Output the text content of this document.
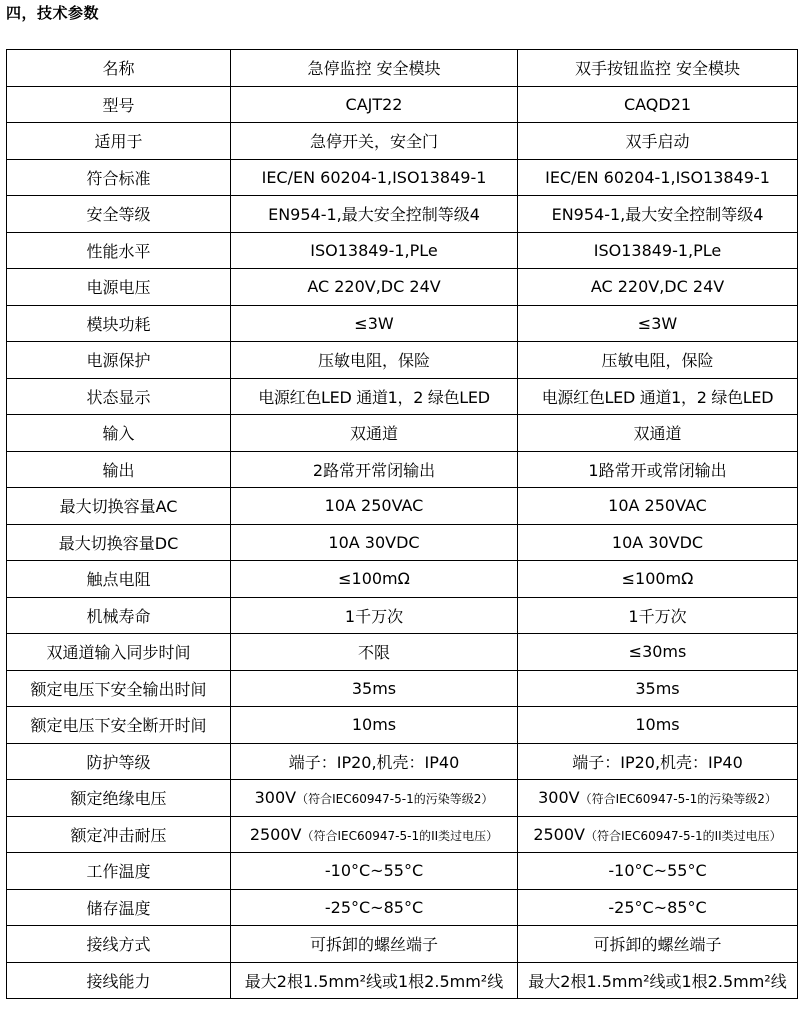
四，技术参数
名称	急停监控 安全模块	双手按钮监控 安全模块
型号	CAJT22	CAQD21
适用于	急停开关，安全门	双手启动
符合标准	IEC/EN 60204-1,ISO13849-1	IEC/EN 60204-1,ISO13849-1
安全等级	EN954-1,最大安全控制等级4	EN954-1,最大安全控制等级4
性能水平	ISO13849-1,PLe	ISO13849-1,PLe
电源电压	AC 220V,DC 24V	AC 220V,DC 24V
模块功耗	≤3W	≤3W
电源保护	压敏电阻，保险	压敏电阻，保险
状态显示	电源红色LED 通道1，2 绿色LED	电源红色LED 通道1，2 绿色LED
输入	双通道	双通道
输出	2路常开常闭输出	1路常开或常闭输出
最大切换容量AC	10A 250VAC	10A 250VAC
最大切换容量DC	10A 30VDC	10A 30VDC
触点电阻	≤100mΩ	≤100mΩ
机械寿命	1千万次	1千万次
双通道输入同步时间	不限	≤30ms
额定电压下安全输出时间	35ms	35ms
额定电压下安全断开时间	10ms	10ms
防护等级	端子：IP20,机壳：IP40	端子：IP20,机壳：IP40
额定绝缘电压	300V（符合IEC60947-5-1的污染等级2）	300V（符合IEC60947-5-1的污染等级2）
额定冲击耐压	2500V（符合IEC60947-5-1的II类过电压）	2500V（符合IEC60947-5-1的II类过电压）
工作温度	-10°C~55°C	-10°C~55°C
储存温度	-25°C~85°C	-25°C~85°C
接线方式	可拆卸的螺丝端子	可拆卸的螺丝端子
接线能力	最大2根1.5mm²线或1根2.5mm²线	最大2根1.5mm²线或1根2.5mm²线
